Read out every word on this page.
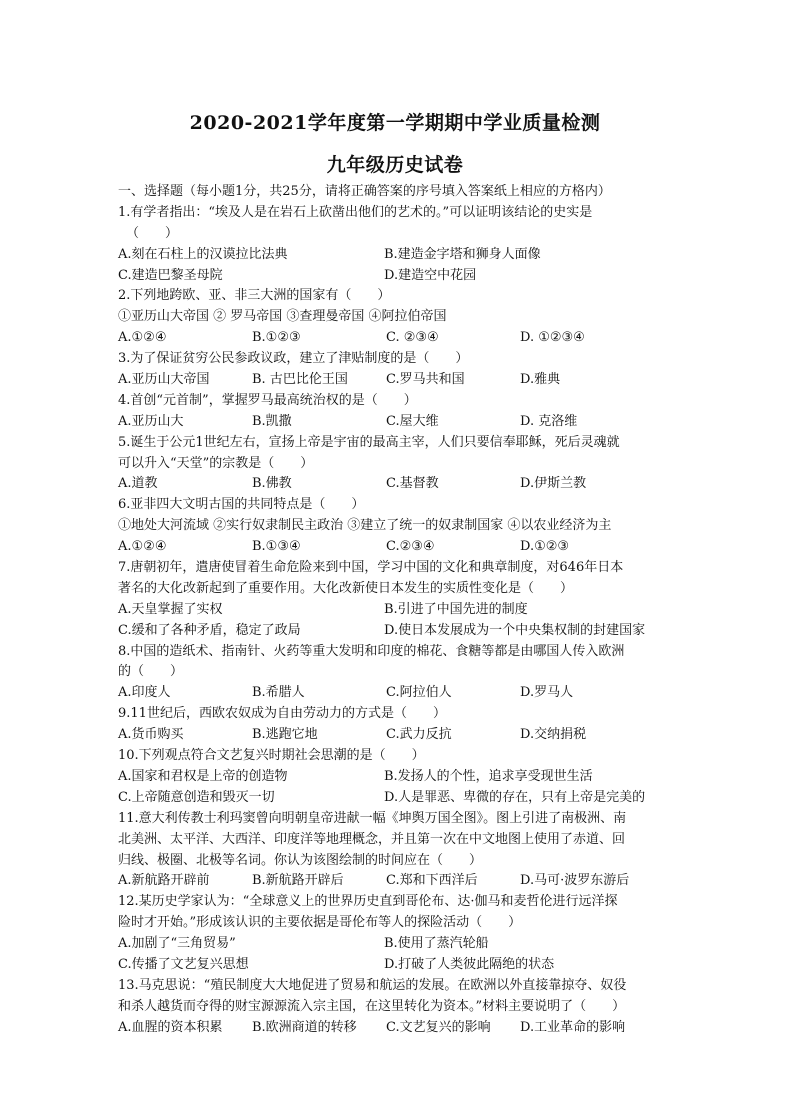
2020-2021学年度第一学期期中学业质量检测
九年级历史试卷
一、选择题（每小题1分，共25分，请将正确答案的序号填入答案纸上相应的方格内）
1.有学者指出：“埃及人是在岩石上砍凿出他们的艺术的。”可以证明该结论的史实是
（　　）
A.刻在石柱上的汉谟拉比法典	B.建造金字塔和狮身人面像
C.建造巴黎圣母院	D.建造空中花园
2.下列地跨欧、亚、非三大洲的国家有（　　）
①亚历山大帝国 ② 罗马帝国 ③查理曼帝国 ④阿拉伯帝国
A.①②④	B.①②③	C. ②③④	D. ①②③④
3.为了保证贫穷公民参政议政，建立了津贴制度的是（　　）
A.亚历山大帝国	B. 古巴比伦王国	C.罗马共和国	D.雅典
4.首创“元首制”，掌握罗马最高统治权的是（　　）
A.亚历山大	B.凯撒	C.屋大维	D. 克洛维
5.诞生于公元1世纪左右，宣扬上帝是宇宙的最高主宰，人们只要信奉耶稣，死后灵魂就
可以升入“天堂”的宗教是（　　）
A.道教	B.佛教	C.基督教	D.伊斯兰教
6.亚非四大文明古国的共同特点是（　　）
①地处大河流域 ②实行奴隶制民主政治 ③建立了统一的奴隶制国家 ④以农业经济为主
A.①②④	B.①③④	C.②③④	D.①②③
7.唐朝初年，遣唐使冒着生命危险来到中国，学习中国的文化和典章制度，对646年日本
著名的大化改新起到了重要作用。大化改新使日本发生的实质性变化是（　　）
A.天皇掌握了实权	B.引进了中国先进的制度
C.缓和了各种矛盾，稳定了政局	D.使日本发展成为一个中央集权制的封建国家
8.中国的造纸术、指南针、火药等重大发明和印度的棉花、食糖等都是由哪国人传入欧洲
的（　　）
A.印度人	B.希腊人	C.阿拉伯人	D.罗马人
9.11世纪后，西欧农奴成为自由劳动力的方式是（　　）
A.货币购买	B.逃跑它地	C.武力反抗	D.交纳捐税
10.下列观点符合文艺复兴时期社会思潮的是（　　）
A.国家和君权是上帝的创造物	B.发扬人的个性，追求享受现世生活
C.上帝随意创造和毁灭一切	D.人是罪恶、卑微的存在，只有上帝是完美的
11.意大利传教士利玛窦曾向明朝皇帝进献一幅《坤舆万国全图》。图上引进了南极洲、南
北美洲、太平洋、大西洋、印度洋等地理概念，并且第一次在中文地图上使用了赤道、回
归线、极圈、北极等名词。你认为该图绘制的时间应在（　　）
A.新航路开辟前	B.新航路开辟后	C.郑和下西洋后	D.马可·波罗东游后
12.某历史学家认为：“全球意义上的世界历史直到哥伦布、达·伽马和麦哲伦进行远洋探
险时才开始。”形成该认识的主要依据是哥伦布等人的探险活动（　　）
A.加剧了“三角贸易”	B.使用了蒸汽轮船
C.传播了文艺复兴思想	D.打破了人类彼此隔绝的状态
13.马克思说：“殖民制度大大地促进了贸易和航运的发展。在欧洲以外直接靠掠夺、奴役
和杀人越货而夺得的财宝源源流入宗主国，在这里转化为资本。”材料主要说明了（　　）
A.血腥的资本积累	B.欧洲商道的转移	C.文艺复兴的影响	D.工业革命的影响
